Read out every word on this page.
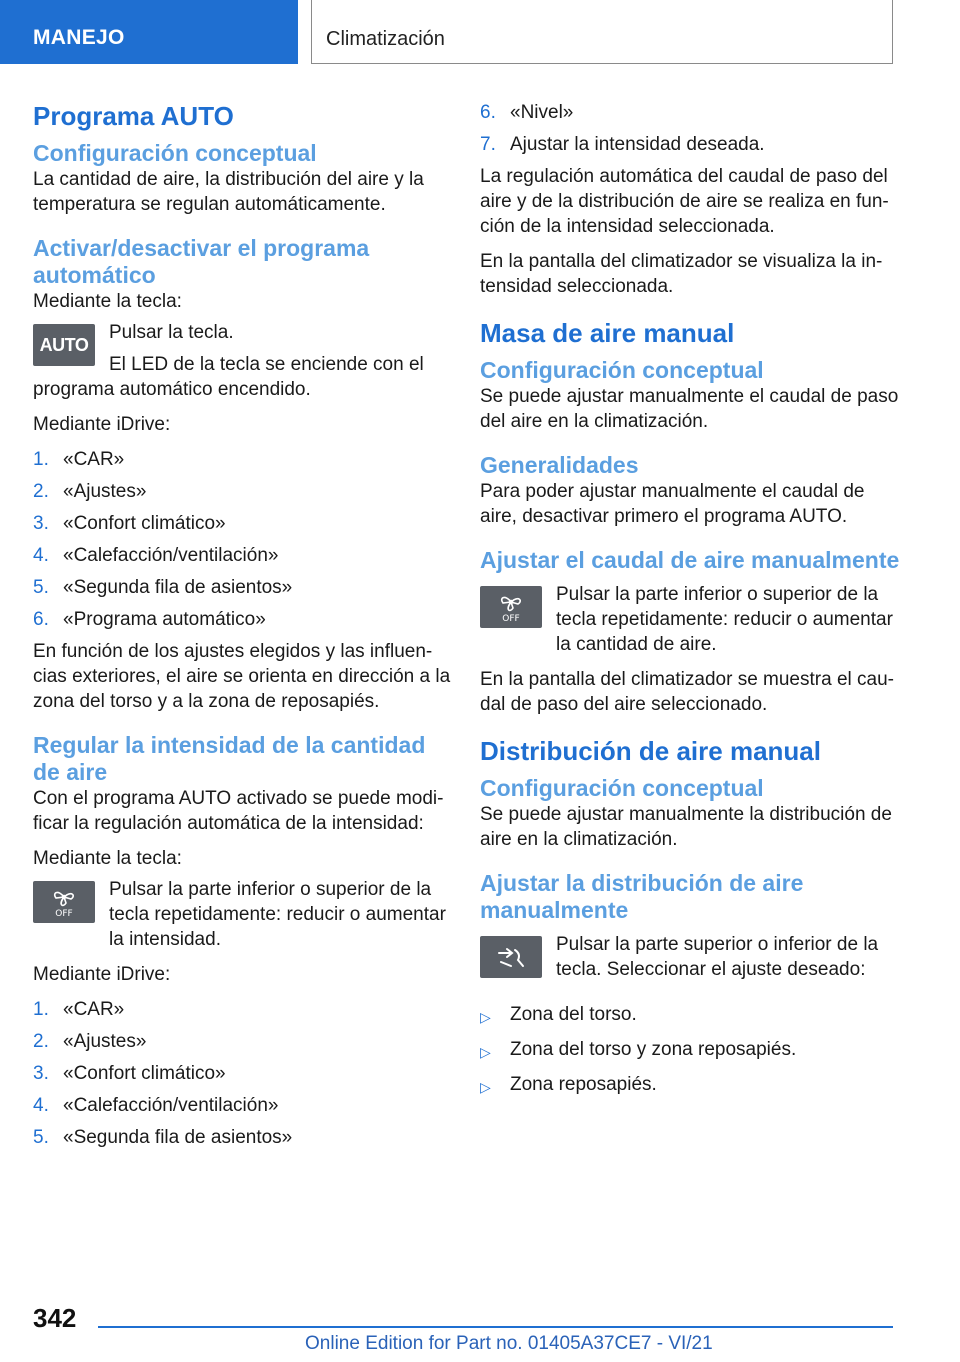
MANEJO	Climatización
Programa AUTO
Configuración conceptual
La cantidad de aire, la distribución del aire y la temperatura se regulan automáticamente.
Activar/desactivar el programa automático
Mediante la tecla:
AUTO
Pulsar la tecla.
El LED de la tecla se enciende con el programa automático encendido.
Mediante iDrive:
1. «CAR»
2. «Ajustes»
3. «Confort climático»
4. «Calefacción/ventilación»
5. «Segunda fila de asientos»
6. «Programa automático»
En función de los ajustes elegidos y las influencias exteriores, el aire se orienta en dirección a la zona del torso y a la zona de reposapiés.
Regular la intensidad de la cantidad de aire
Con el programa AUTO activado se puede modificar la regulación automática de la intensidad:
Mediante la tecla:
OFF
Pulsar la parte inferior o superior de la tecla repetidamente: reducir o aumentar la intensidad.
Mediante iDrive:
1. «CAR»
2. «Ajustes»
3. «Confort climático»
4. «Calefacción/ventilación»
5. «Segunda fila de asientos»
6. «Nivel»
7. Ajustar la intensidad deseada.
La regulación automática del caudal de paso del aire y de la distribución de aire se realiza en función de la intensidad seleccionada.
En la pantalla del climatizador se visualiza la intensidad seleccionada.
Masa de aire manual
Configuración conceptual
Se puede ajustar manualmente el caudal de paso del aire en la climatización.
Generalidades
Para poder ajustar manualmente el caudal de aire, desactivar primero el programa AUTO.
Ajustar el caudal de aire manualmente
OFF
Pulsar la parte inferior o superior de la tecla repetidamente: reducir o aumentar la cantidad de aire.
En la pantalla del climatizador se muestra el caudal de paso del aire seleccionado.
Distribución de aire manual
Configuración conceptual
Se puede ajustar manualmente la distribución de aire en la climatización.
Ajustar la distribución de aire manualmente
Pulsar la parte superior o inferior de la tecla. Seleccionar el ajuste deseado:
▷	Zona del torso.
▷	Zona del torso y zona reposapiés.
▷	Zona reposapiés.
342
Online Edition for Part no. 01405A37CE7 - VI/21
